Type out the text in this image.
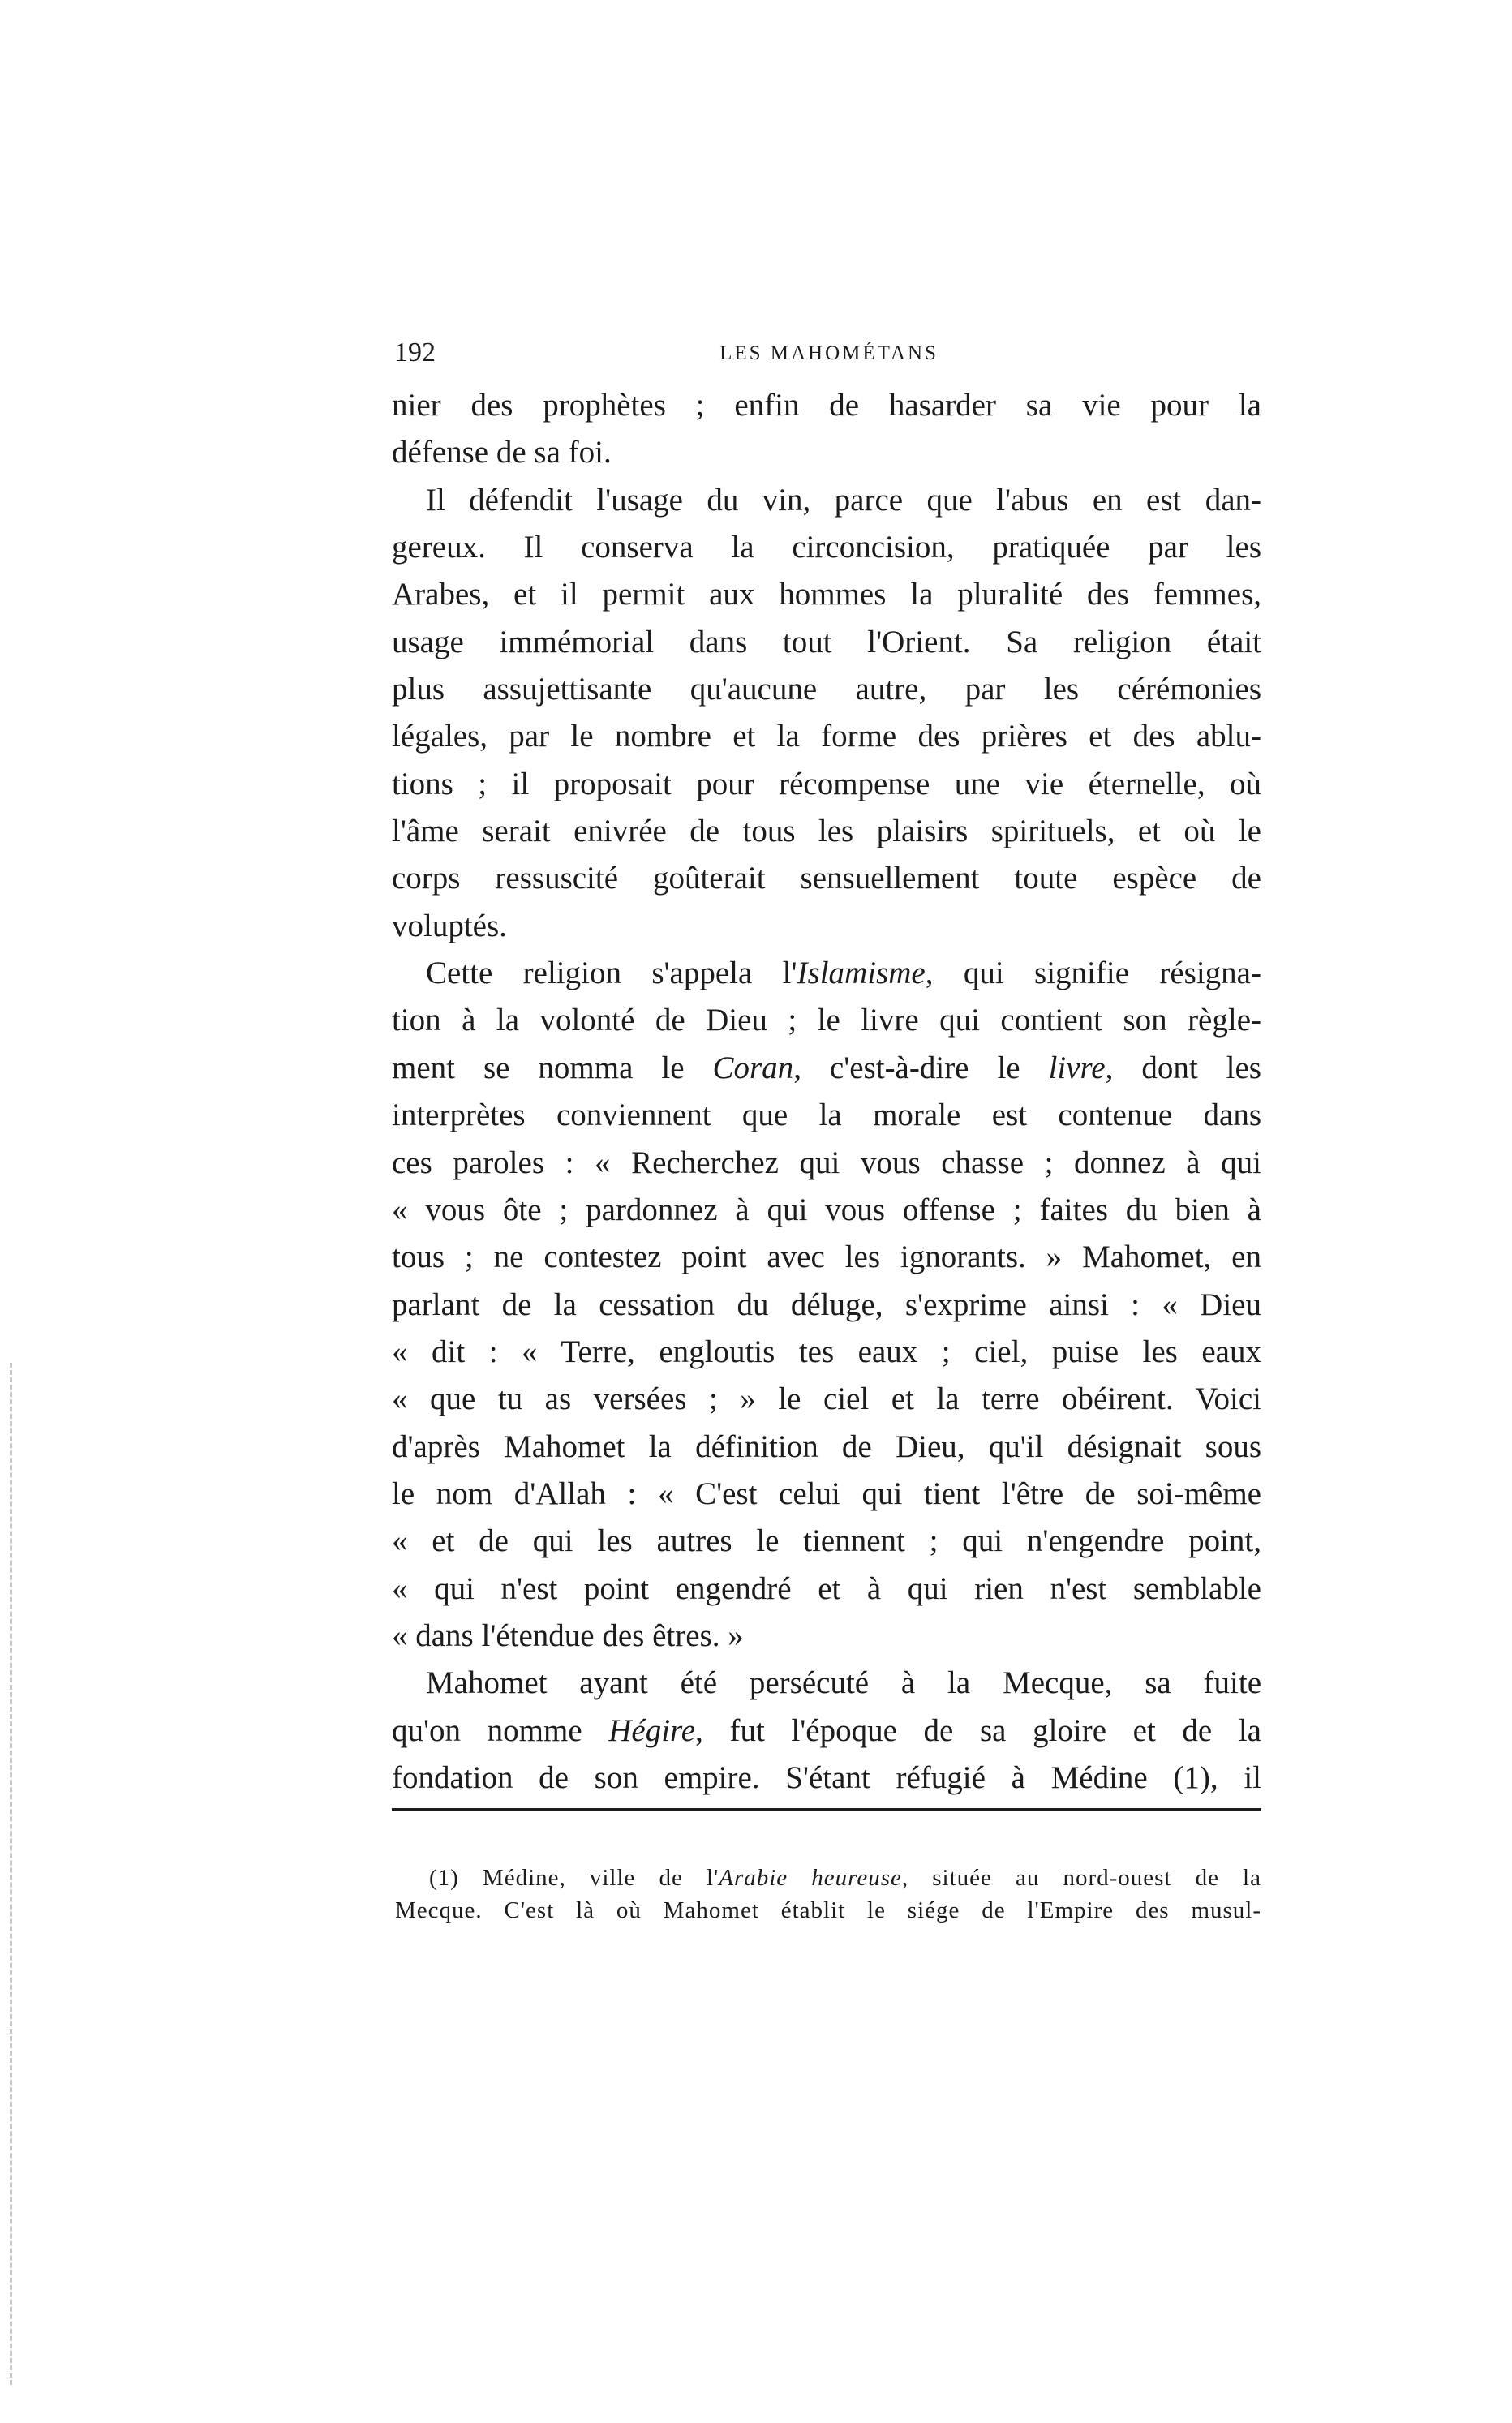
192	LES MAHOMÉTANS
nier des prophètes ; enfin de hasarder sa vie pour la
défense de sa foi.
Il défendit l'usage du vin, parce que l'abus en est dan-
gereux. Il conserva la circoncision, pratiquée par les
Arabes, et il permit aux hommes la pluralité des femmes,
usage immémorial dans tout l'Orient. Sa religion était
plus assujettisante qu'aucune autre, par les cérémonies
légales, par le nombre et la forme des prières et des ablu-
tions ; il proposait pour récompense une vie éternelle, où
l'âme serait enivrée de tous les plaisirs spirituels, et où le
corps ressuscité goûterait sensuellement toute espèce de
voluptés.
Cette religion s'appela l'Islamisme, qui signifie résigna-
tion à la volonté de Dieu ; le livre qui contient son règle-
ment se nomma le Coran, c'est-à-dire le livre, dont les
interprètes conviennent que la morale est contenue dans
ces paroles : « Recherchez qui vous chasse ; donnez à qui
« vous ôte ; pardonnez à qui vous offense ; faites du bien à
tous ; ne contestez point avec les ignorants. » Mahomet, en
parlant de la cessation du déluge, s'exprime ainsi : « Dieu
« dit : « Terre, engloutis tes eaux ; ciel, puise les eaux
« que tu as versées ; » le ciel et la terre obéirent. Voici
d'après Mahomet la définition de Dieu, qu'il désignait sous
le nom d'Allah : « C'est celui qui tient l'être de soi-même
« et de qui les autres le tiennent ; qui n'engendre point,
« qui n'est point engendré et à qui rien n'est semblable
« dans l'étendue des êtres. »
Mahomet ayant été persécuté à la Mecque, sa fuite
qu'on nomme Hégire, fut l'époque de sa gloire et de la
fondation de son empire. S'étant réfugié à Médine (1), il
(1) Médine, ville de l'Arabie heureuse, située au nord-ouest de la
Mecque. C'est là où Mahomet établit le siége de l'Empire des musul-
